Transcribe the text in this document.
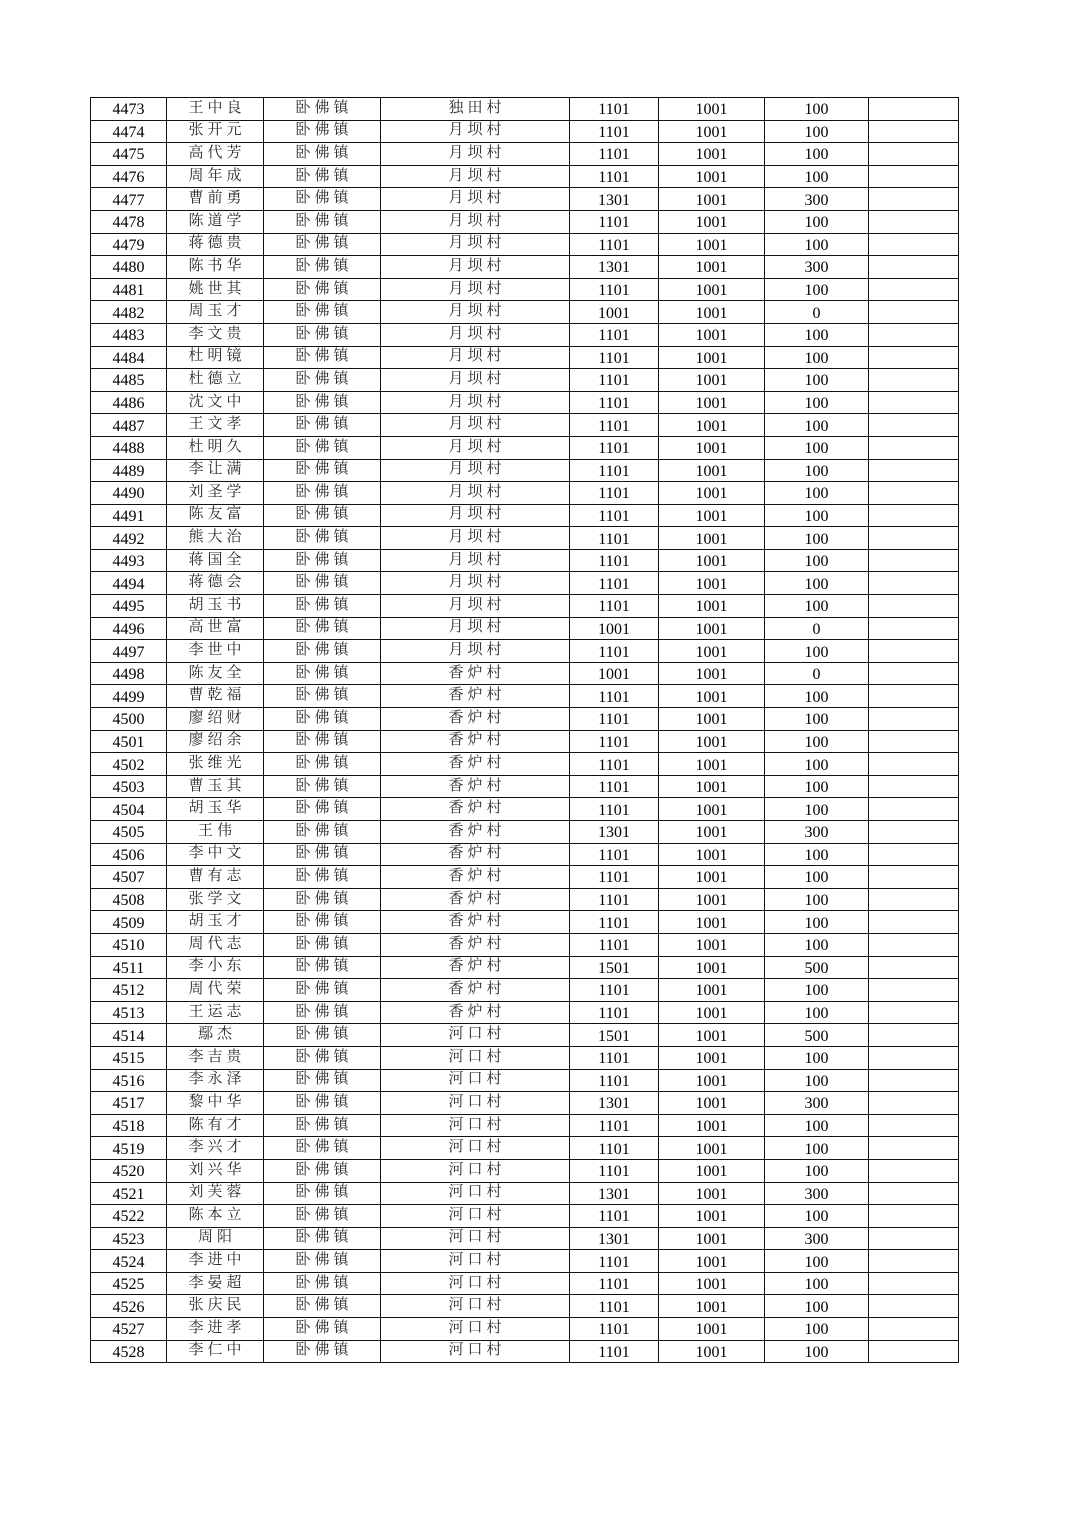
4473	王中良	卧佛镇	独田村	1101	1001	100	
4474	张开元	卧佛镇	月坝村	1101	1001	100	
4475	高代芳	卧佛镇	月坝村	1101	1001	100	
4476	周年成	卧佛镇	月坝村	1101	1001	100	
4477	曹前勇	卧佛镇	月坝村	1301	1001	300	
4478	陈道学	卧佛镇	月坝村	1101	1001	100	
4479	蒋德贵	卧佛镇	月坝村	1101	1001	100	
4480	陈书华	卧佛镇	月坝村	1301	1001	300	
4481	姚世其	卧佛镇	月坝村	1101	1001	100	
4482	周玉才	卧佛镇	月坝村	1001	1001	0	
4483	李文贵	卧佛镇	月坝村	1101	1001	100	
4484	杜明镜	卧佛镇	月坝村	1101	1001	100	
4485	杜德立	卧佛镇	月坝村	1101	1001	100	
4486	沈文中	卧佛镇	月坝村	1101	1001	100	
4487	王文孝	卧佛镇	月坝村	1101	1001	100	
4488	杜明久	卧佛镇	月坝村	1101	1001	100	
4489	李让满	卧佛镇	月坝村	1101	1001	100	
4490	刘圣学	卧佛镇	月坝村	1101	1001	100	
4491	陈友富	卧佛镇	月坝村	1101	1001	100	
4492	熊大治	卧佛镇	月坝村	1101	1001	100	
4493	蒋国全	卧佛镇	月坝村	1101	1001	100	
4494	蒋德会	卧佛镇	月坝村	1101	1001	100	
4495	胡玉书	卧佛镇	月坝村	1101	1001	100	
4496	高世富	卧佛镇	月坝村	1001	1001	0	
4497	李世中	卧佛镇	月坝村	1101	1001	100	
4498	陈友全	卧佛镇	香炉村	1001	1001	0	
4499	曹乾福	卧佛镇	香炉村	1101	1001	100	
4500	廖绍财	卧佛镇	香炉村	1101	1001	100	
4501	廖绍余	卧佛镇	香炉村	1101	1001	100	
4502	张维光	卧佛镇	香炉村	1101	1001	100	
4503	曹玉其	卧佛镇	香炉村	1101	1001	100	
4504	胡玉华	卧佛镇	香炉村	1101	1001	100	
4505	王伟	卧佛镇	香炉村	1301	1001	300	
4506	李中文	卧佛镇	香炉村	1101	1001	100	
4507	曹有志	卧佛镇	香炉村	1101	1001	100	
4508	张学文	卧佛镇	香炉村	1101	1001	100	
4509	胡玉才	卧佛镇	香炉村	1101	1001	100	
4510	周代志	卧佛镇	香炉村	1101	1001	100	
4511	李小东	卧佛镇	香炉村	1501	1001	500	
4512	周代荣	卧佛镇	香炉村	1101	1001	100	
4513	王运志	卧佛镇	香炉村	1101	1001	100	
4514	鄢杰	卧佛镇	河口村	1501	1001	500	
4515	李吉贵	卧佛镇	河口村	1101	1001	100	
4516	李永泽	卧佛镇	河口村	1101	1001	100	
4517	黎中华	卧佛镇	河口村	1301	1001	300	
4518	陈有才	卧佛镇	河口村	1101	1001	100	
4519	李兴才	卧佛镇	河口村	1101	1001	100	
4520	刘兴华	卧佛镇	河口村	1101	1001	100	
4521	刘芙蓉	卧佛镇	河口村	1301	1001	300	
4522	陈本立	卧佛镇	河口村	1101	1001	100	
4523	周阳	卧佛镇	河口村	1301	1001	300	
4524	李进中	卧佛镇	河口村	1101	1001	100	
4525	李晏超	卧佛镇	河口村	1101	1001	100	
4526	张庆民	卧佛镇	河口村	1101	1001	100	
4527	李进孝	卧佛镇	河口村	1101	1001	100	
4528	李仁中	卧佛镇	河口村	1101	1001	100	
